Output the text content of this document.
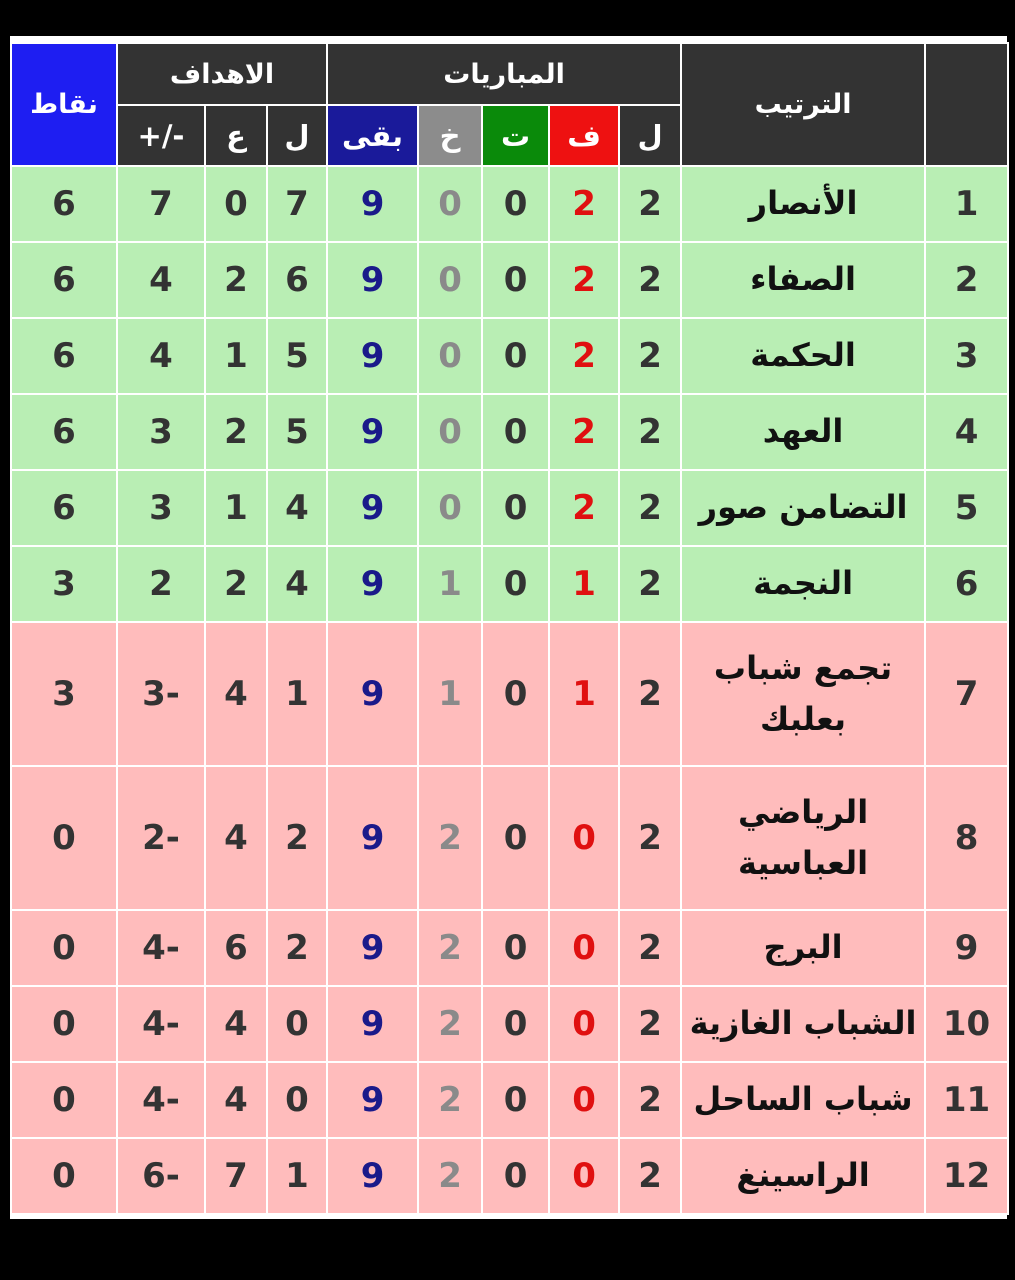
نقاط	الاهداف			المباريات					الترتيب	
	+/-	ع	ل	بقى	خ	ت	ف	ل		
6	7	0	7	9	0	0	2	2	الأنصار	1
6	4	2	6	9	0	0	2	2	الصفاء	2
6	4	1	5	9	0	0	2	2	الحكمة	3
6	3	2	5	9	0	0	2	2	العهد	4
6	3	1	4	9	0	0	2	2	التضامن صور	5
3	2	2	4	9	1	0	1	2	النجمة	6
3	3-	4	1	9	1	0	1	2	تجمع شباب بعلبك	7
0	2-	4	2	9	2	0	0	2	الرياضي العباسية	8
0	4-	6	2	9	2	0	0	2	البرج	9
0	4-	4	0	9	2	0	0	2	الشباب الغازية	10
0	4-	4	0	9	2	0	0	2	شباب الساحل	11
0	6-	7	1	9	2	0	0	2	الراسينغ	12
